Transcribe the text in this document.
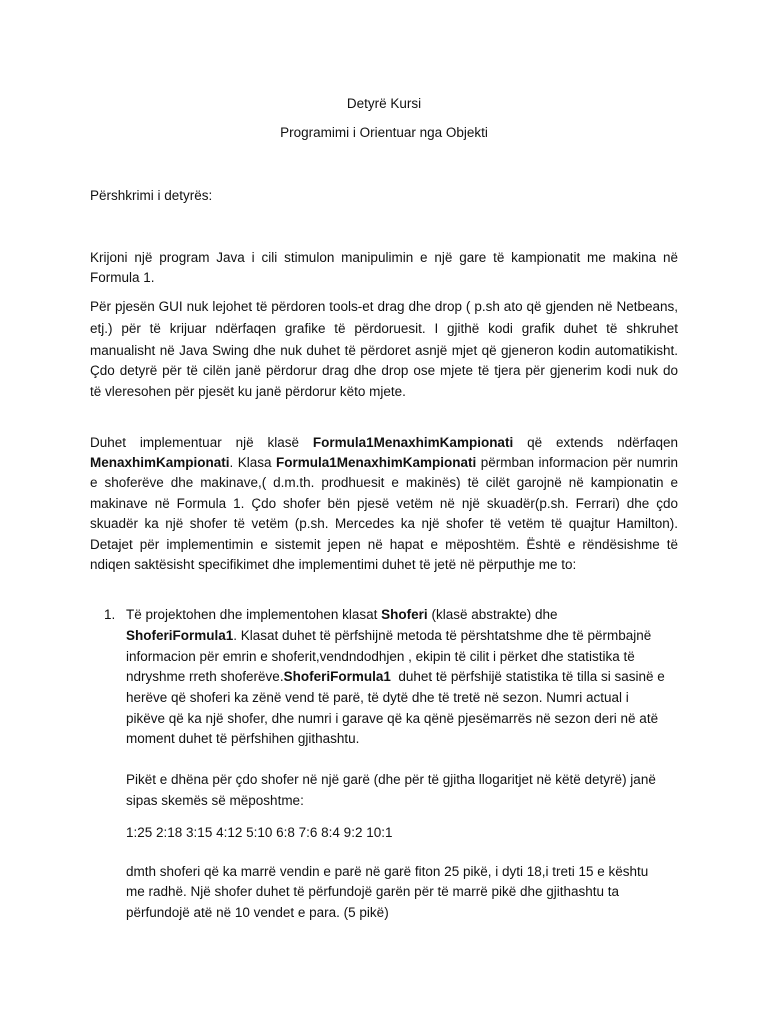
Detyrë Kursi
Programimi i Orientuar nga Objekti
Përshkrimi i detyrës:
Krijoni një program Java i cili stimulon manipulimin e një gare të kampionatit me makina në
Formula 1.
Për pjesën GUI nuk lejohet të përdoren tools-et drag dhe drop ( p.sh ato që gjenden në Netbeans,
etj.) për të krijuar ndërfaqen grafike të përdoruesit. I gjithë kodi grafik duhet të shkruhet
manualisht në Java Swing dhe nuk duhet të përdoret asnjë mjet që gjeneron kodin automatikisht.
Çdo detyrë për të cilën janë përdorur drag dhe drop ose mjete të tjera për gjenerim kodi nuk do
të vleresohen për pjesët ku janë përdorur këto mjete.
Duhet implementuar një klasë Formula1MenaxhimKampionati që extends ndërfaqen
MenaxhimKampionati. Klasa Formula1MenaxhimKampionati përmban informacion për numrin
e shoferëve dhe makinave,( d.m.th. prodhuesit e makinës) të cilët garojnë në kampionatin e
makinave në Formula 1. Çdo shofer bën pjesë vetëm në një skuadër(p.sh. Ferrari) dhe çdo
skuadër ka një shofer të vetëm (p.sh. Mercedes ka një shofer të vetëm të quajtur Hamilton).
Detajet për implementimin e sistemit jepen në hapat e mëposhtëm. Është e rëndësishme të
ndiqen saktësisht specifikimet dhe implementimi duhet të jetë në përputhje me to:
1. Të projektohen dhe implementohen klasat Shoferi (klasë abstrakte) dhe
ShoferiFormula1. Klasat duhet të përfshijnë metoda të përshtatshme dhe të përmbajnë
informacion për emrin e shoferit,vendndodhjen , ekipin të cilit i përket dhe statistika të
ndryshme rreth shoferëve.ShoferiFormula1 duhet të përfshijë statistika të tilla si sasinë e
herëve që shoferi ka zënë vend të parë, të dytë dhe të tretë në sezon. Numri actual i
pikëve që ka një shofer, dhe numri i garave që ka qënë pjesëmarrës në sezon deri në atë
moment duhet të përfshihen gjithashtu.
Pikët e dhëna për çdo shofer në një garë (dhe për të gjitha llogaritjet në këtë detyrë) janë
sipas skemës së mëposhtme:
1:25 2:18 3:15 4:12 5:10 6:8 7:6 8:4 9:2 10:1
dmth shoferi që ka marrë vendin e parë në garë fiton 25 pikë, i dyti 18,i treti 15 e kështu
me radhë. Një shofer duhet të përfundojë garën për të marrë pikë dhe gjithashtu ta
përfundojë atë në 10 vendet e para. (5 pikë)
